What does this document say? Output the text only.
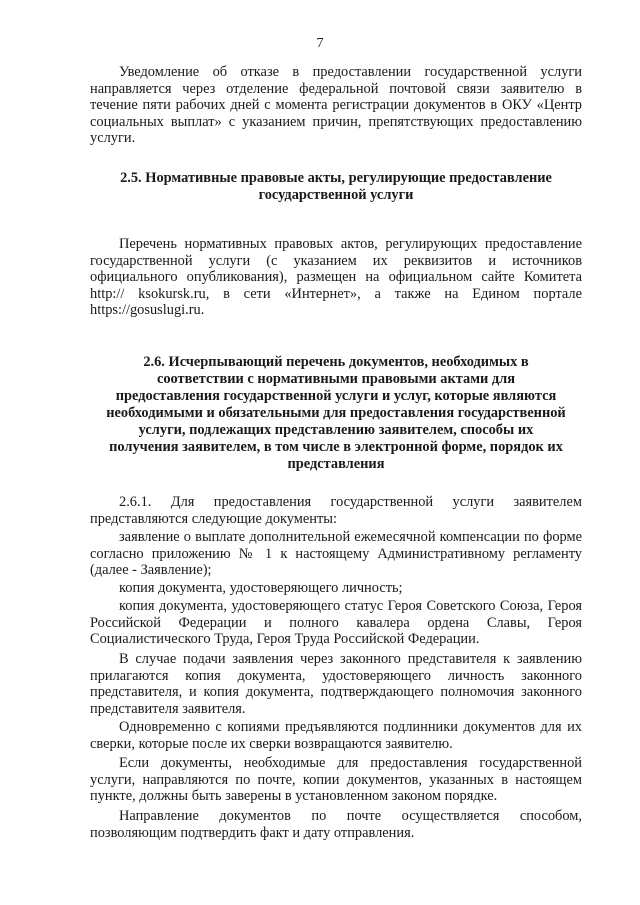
7

Уведомление об отказе в предоставлении государственной услуги направляется через отделение федеральной почтовой связи заявителю в течение пяти рабочих дней с момента регистрации документов в ОКУ «Центр социальных выплат» с указанием причин, препятствующих предоставлению услуги.

2.5. Нормативные правовые акты, регулирующие предоставление
государственной услуги

Перечень нормативных правовых актов, регулирующих предоставление государственной услуги (с указанием их реквизитов и источников официального опубликования), размещен на официальном сайте Комитета http:// ksokursk.ru, в сети «Интернет», а также на Едином портале https://gosuslugi.ru.

2.6. Исчерпывающий перечень документов, необходимых в
соответствии с нормативными правовыми актами для
предоставления государственной услуги и услуг, которые являются
необходимыми и обязательными для предоставления государственной
услуги, подлежащих представлению заявителем, способы их
получения заявителем, в том числе в электронной форме, порядок их
представления

2.6.1. Для предоставления государственной услуги заявителем представляются следующие документы:

заявление о выплате дополнительной ежемесячной компенсации по форме согласно приложению № 1 к настоящему Административному регламенту (далее - Заявление);

копия документа, удостоверяющего личность;

копия документа, удостоверяющего статус Героя Советского Союза, Героя Российской Федерации и полного кавалера ордена Славы, Героя Социалистического Труда, Героя Труда Российской Федерации.

В случае подачи заявления через законного представителя к заявлению прилагаются копия документа, удостоверяющего личность законного представителя, и копия документа, подтверждающего полномочия законного представителя заявителя.

Одновременно с копиями предъявляются подлинники документов для их сверки, которые после их сверки возвращаются заявителю.

Если документы, необходимые для предоставления государственной услуги, направляются по почте, копии документов, указанных в настоящем пункте, должны быть заверены в установленном законом порядке.

Направление документов по почте осуществляется способом, позволяющим подтвердить факт и дату отправления.
